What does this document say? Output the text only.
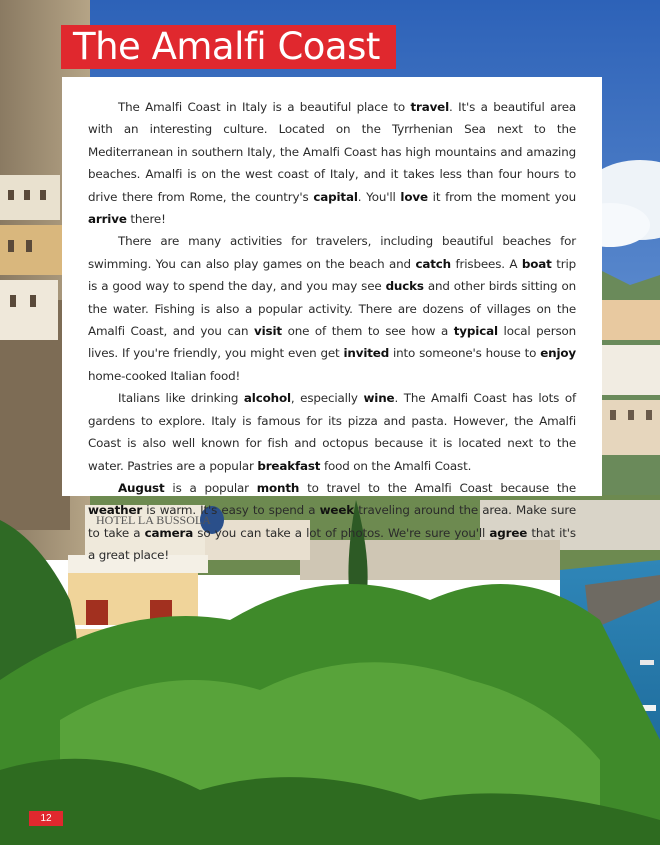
HOTEL LA BUSSOLA
The Amalfi Coast

The Amalfi Coast in Italy is a beautiful place to travel. It's a beautiful area with an interesting culture. Located on the Tyrrhenian Sea next to the Mediterranean in southern Italy, the Amalfi Coast has high mountains and amazing beaches. Amalfi is on the west coast of Italy, and it takes less than four hours to drive there from Rome, the country's capital. You'll love it from the moment you arrive there!

There are many activities for travelers, including beautiful beaches for swimming. You can also play games on the beach and catch frisbees. A boat trip is a good way to spend the day, and you may see ducks and other birds sitting on the water. Fishing is also a popular activity. There are dozens of villages on the Amalfi Coast, and you can visit one of them to see how a typical local person lives. If you're friendly, you might even get invited into someone's house to enjoy home-cooked Italian food!

Italians like drinking alcohol, especially wine. The Amalfi Coast has lots of gardens to explore. Italy is famous for its pizza and pasta. However, the Amalfi Coast is also well known for fish and octopus because it is located next to the water. Pastries are a popular breakfast food on the Amalfi Coast.

August is a popular month to travel to the Amalfi Coast because the weather is warm. It's easy to spend a week traveling around the area. Make sure to take a camera so you can take a lot of photos. We're sure you'll agree that it's a great place!

12
